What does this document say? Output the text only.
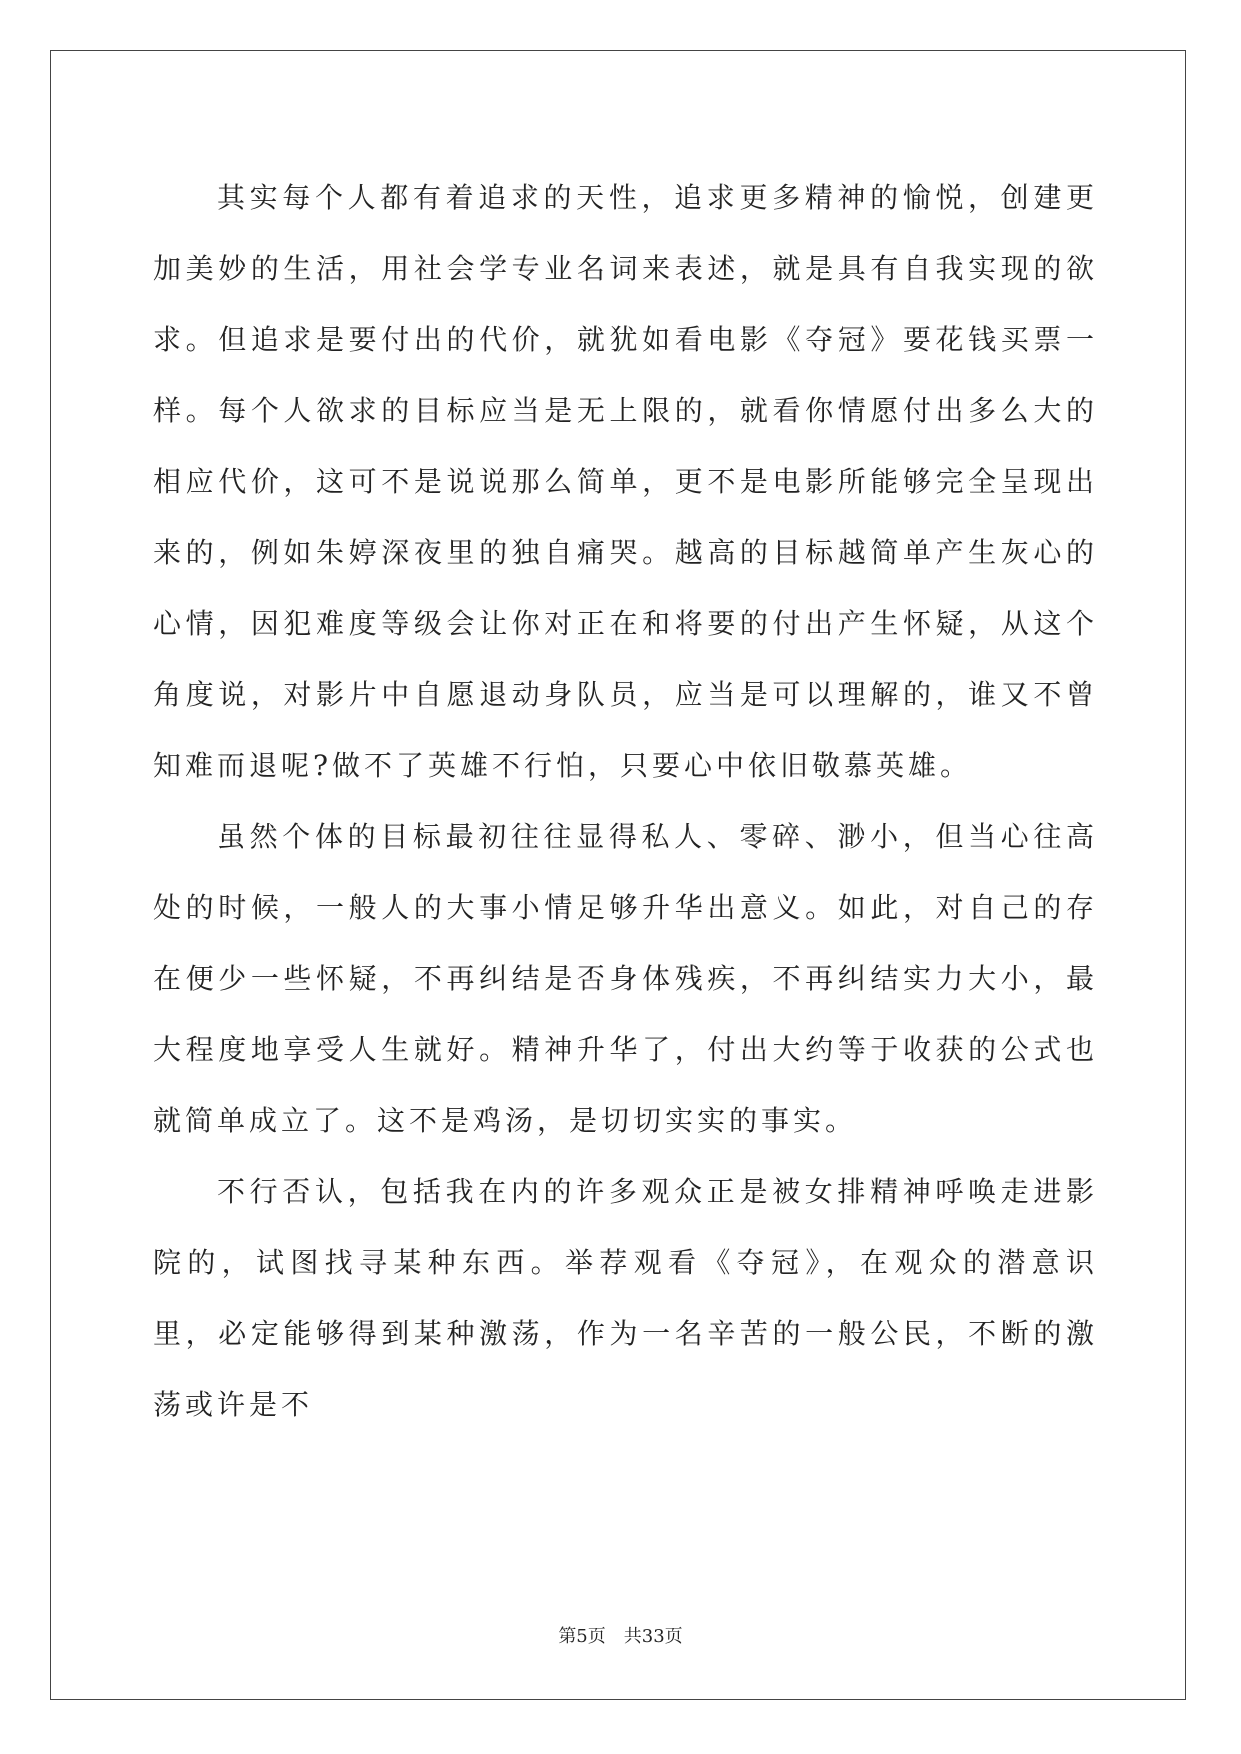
其实每个人都有着追求的天性，追求更多精神的愉悦，创建更加美妙的生活，用社会学专业名词来表述，就是具有自我实现的欲求。但追求是要付出的代价，就犹如看电影《夺冠》要花钱买票一样。每个人欲求的目标应当是无上限的，就看你情愿付出多么大的相应代价，这可不是说说那么简单，更不是电影所能够完全呈现出来的，例如朱婷深夜里的独自痛哭。越高的目标越简单产生灰心的心情，因犯难度等级会让你对正在和将要的付出产生怀疑，从这个角度说，对影片中自愿退动身队员，应当是可以理解的，谁又不曾知难而退呢?做不了英雄不行怕，只要心中依旧敬慕英雄。

虽然个体的目标最初往往显得私人、零碎、渺小，但当心往高处的时候，一般人的大事小情足够升华出意义。如此，对自己的存在便少一些怀疑，不再纠结是否身体残疾，不再纠结实力大小，最大程度地享受人生就好。精神升华了，付出大约等于收获的公式也就简单成立了。这不是鸡汤，是切切实实的事实。

不行否认，包括我在内的许多观众正是被女排精神呼唤走进影院的，试图找寻某种东西。举荐观看《夺冠》，在观众的潜意识里，必定能够得到某种激荡，作为一名辛苦的一般公民，不断的激荡或许是不

第5页 共33页
